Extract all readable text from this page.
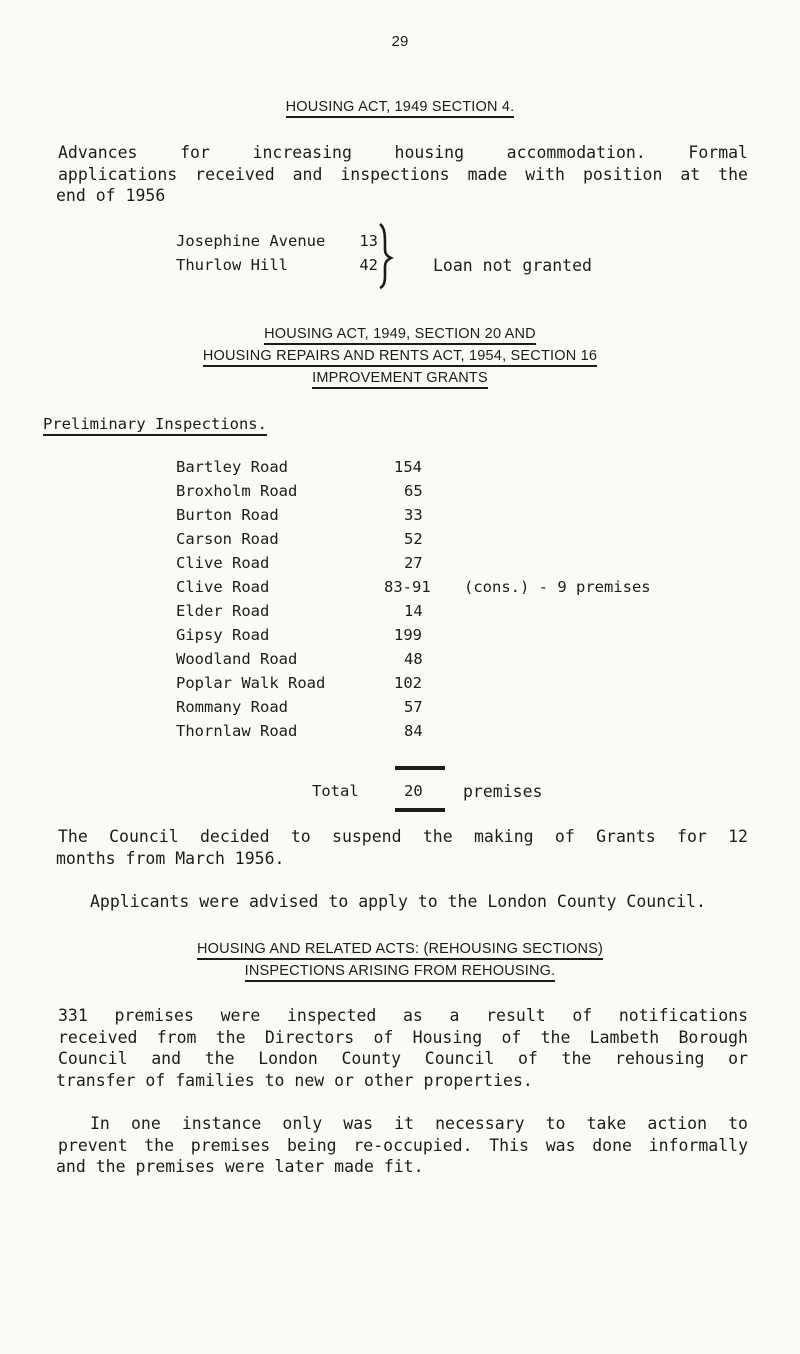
29
HOUSING ACT, 1949 SECTION 4.

Advances for increasing housing accommodation. Formal

applications received and inspections made with position at the

end of 1956

Josephine Avenue	13
Thurlow Hill	42	Loan not granted
HOUSING ACT, 1949, SECTION 20 AND
HOUSING REPAIRS AND RENTS ACT, 1954, SECTION 16
IMPROVEMENT GRANTS
Preliminary Inspections.
Bartley Road	154
Broxholm Road	65
Burton Road	33
Carson Road	52
Clive Road	27
Clive Road	83-91 (cons.) - 9 premises
Elder Road	14
Gipsy Road	199
Woodland Road	48
Poplar Walk Road	102
Rommany Road	57
Thornlaw Road	84
Total	20 premises

The Council decided to suspend the making of Grants for 12

months from March 1956.

Applicants were advised to apply to the London County Council.
HOUSING AND RELATED ACTS: (REHOUSING SECTIONS)
INSPECTIONS ARISING FROM REHOUSING.

331 premises were inspected as a result of notifications

received from the Directors of Housing of the Lambeth Borough

Council and the London County Council of the rehousing or

transfer of families to new or other properties.

In one instance only was it necessary to take action to

prevent the premises being re-occupied. This was done informally

and the premises were later made fit.
